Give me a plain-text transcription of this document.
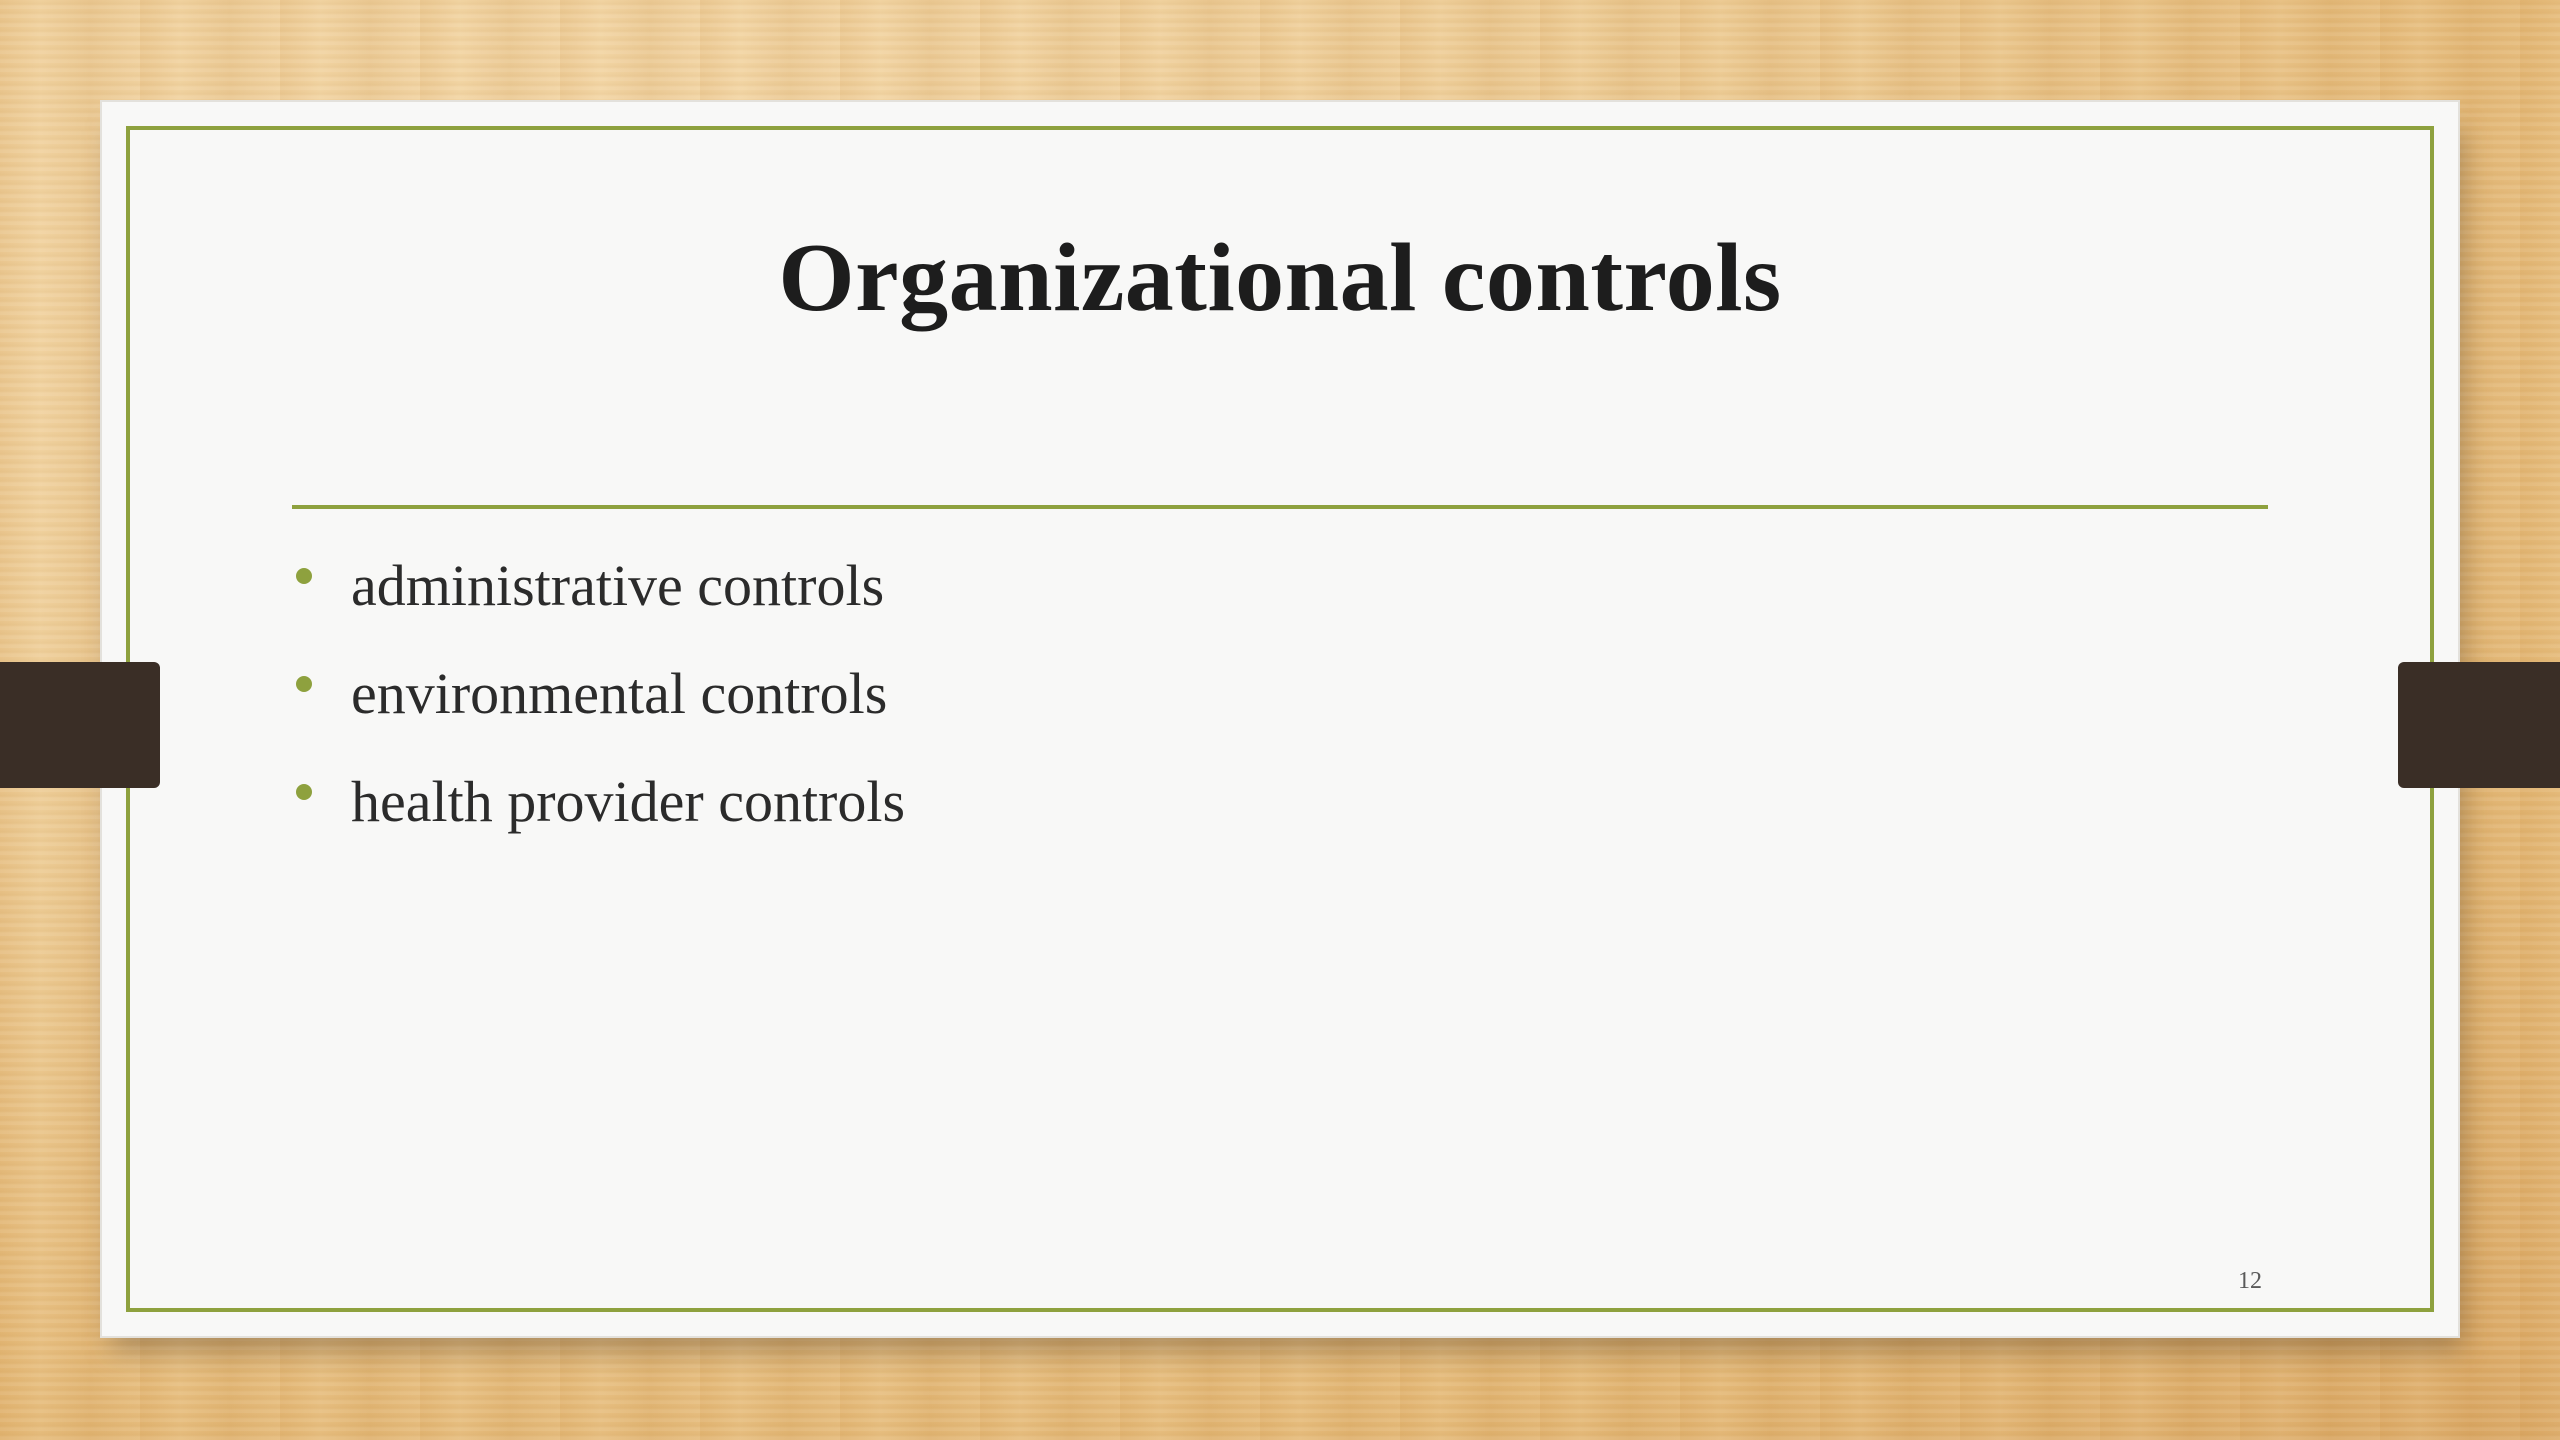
Organizational controls
administrative controls
environmental controls
health provider controls
12
